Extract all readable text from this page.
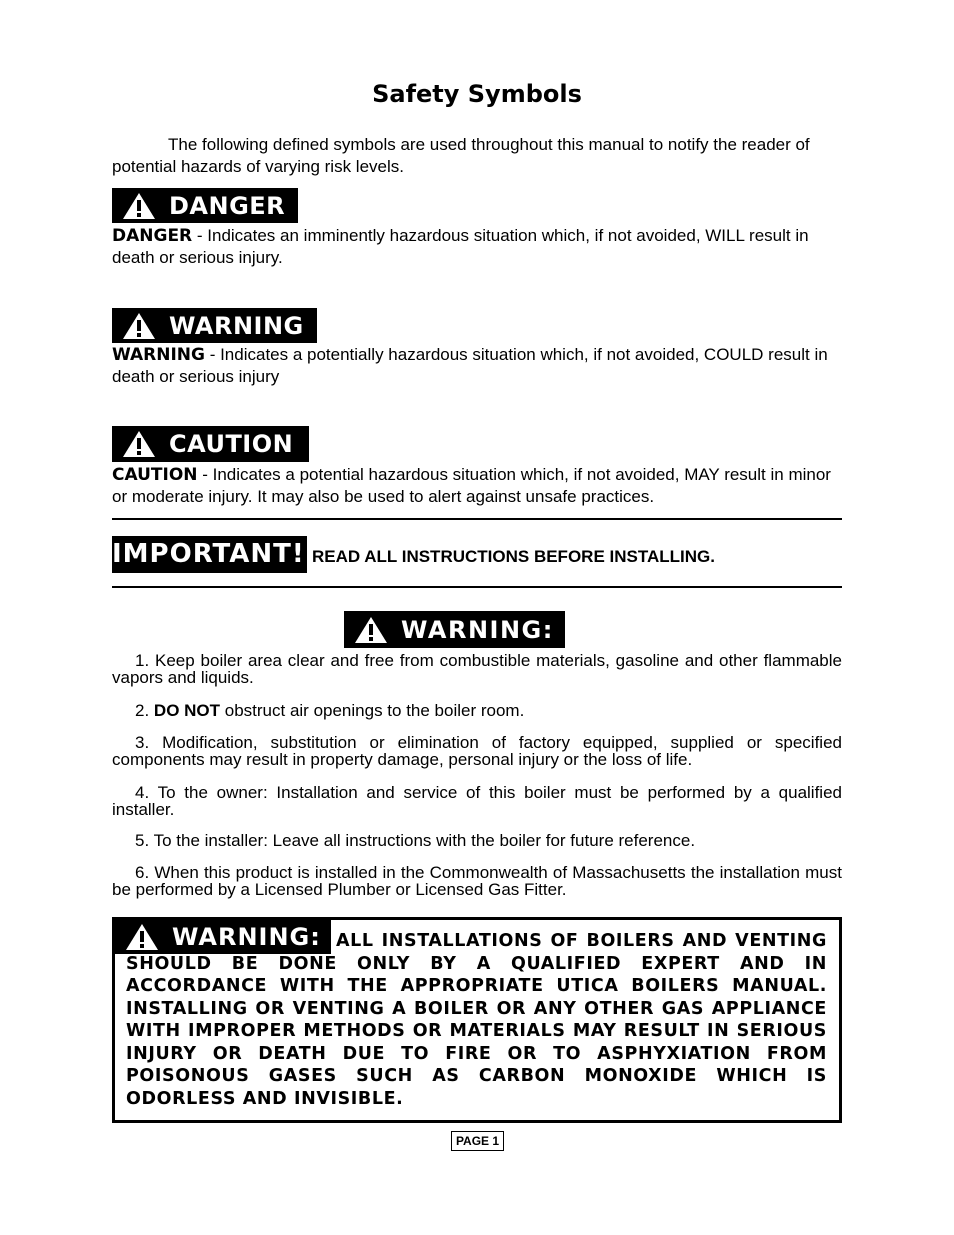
Safety Symbols
The following defined symbols are used throughout this manual to notify the reader of potential hazards of varying risk levels.
DANGER
DANGER - Indicates an imminently hazardous situation which, if not avoided, WILL result in death or serious injury.
WARNING
WARNING - Indicates a potentially hazardous situation which, if not avoided, COULD result in death or serious injury
CAUTION
CAUTION - Indicates a potential hazardous situation which, if not avoided, MAY result in minor or moderate injury. It may also be used to alert against unsafe practices.
IMPORTANT! READ ALL INSTRUCTIONS BEFORE INSTALLING.
WARNING:
1. Keep boiler area clear and free from combustible materials, gasoline and other flammable vapors and liquids.
2. DO NOT obstruct air openings to the boiler room.
3. Modification, substitution or elimination of factory equipped, supplied or specified components may result in property damage, personal injury or the loss of life.
4. To the owner: Installation and service of this boiler must be performed by a qualified installer.
5. To the installer: Leave all instructions with the boiler for future reference.
6. When this product is installed in the Commonwealth of Massachusetts the installation must be performed by a Licensed Plumber or Licensed Gas Fitter.
WARNING: ALL INSTALLATIONS OF BOILERS AND VENTING SHOULD BE DONE ONLY BY A QUALIFIED EXPERT AND IN ACCORDANCE WITH THE APPROPRIATE UTICA BOILERS MANUAL. INSTALLING OR VENTING A BOILER OR ANY OTHER GAS APPLIANCE WITH IMPROPER METHODS OR MATERIALS MAY RESULT IN SERIOUS INJURY OR DEATH DUE TO FIRE OR TO ASPHYXIATION FROM POISONOUS GASES SUCH AS CARBON MONOXIDE WHICH IS ODORLESS AND INVISIBLE.
PAGE 1
